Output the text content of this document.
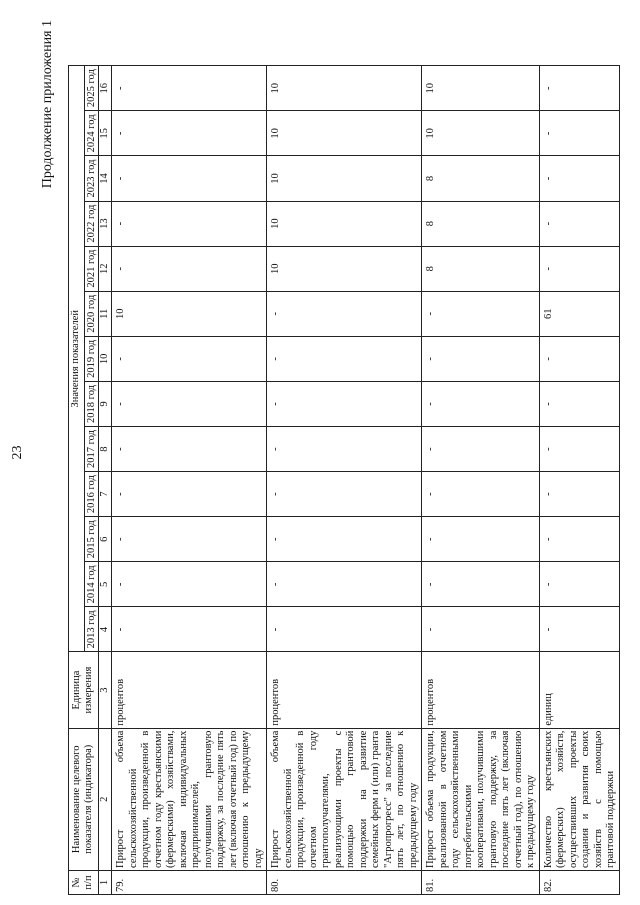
23
Продолжение приложения 1
№ п/п	Наименование целевого показателя (индикатора)	Единица измерения	Значения показателей												
			2013 год	2014 год	2015 год	2016 год	2017 год	2018 год	2019 год	2020 год	2021 год	2022 год	2023 год	2024 год	2025 год
1	2	3	4	5	6	7	8	9	10	11	12	13	14	15	16
79.	Прирост объема сельскохозяйственной продукции, произведенной в отчетном году крестьянскими (фермерскими) хозяйствами, включая индивидуальных предпринимателей, получившими грантовую поддержку, за последние пять лет (включая отчетный год) по отношению к предыдущему году	процентов	-	-	-	-	-	-	-	10	-	-	-	-	-
80.	Прирост объема сельскохозяйственной продукции, произведенной в отчетном году грантополучателями, реализующими проекты с помощью грантовой поддержки на развитие семейных ферм и (или) гранта "Агропрогресс" за последние пять лет, по отношению к предыдущему году	процентов	-	-	-	-	-	-	-	-	10	10	10	10	10
81.	Прирост объема продукции, реализованной в отчетном году сельскохозяйственными потребительскими кооперативами, получившими грантовую поддержку, за последние пять лет (включая отчетный год), по отношению к предыдущему году	процентов	-	-	-	-	-	-	-	-	8	8	8	10	10
82.	Количество крестьянских (фермерских) хозяйств, осуществивших проекты создания и развития своих хозяйств с помощью грантовой поддержки	единиц	-	-	-	-	-	-	-	61	-	-	-	-	-
